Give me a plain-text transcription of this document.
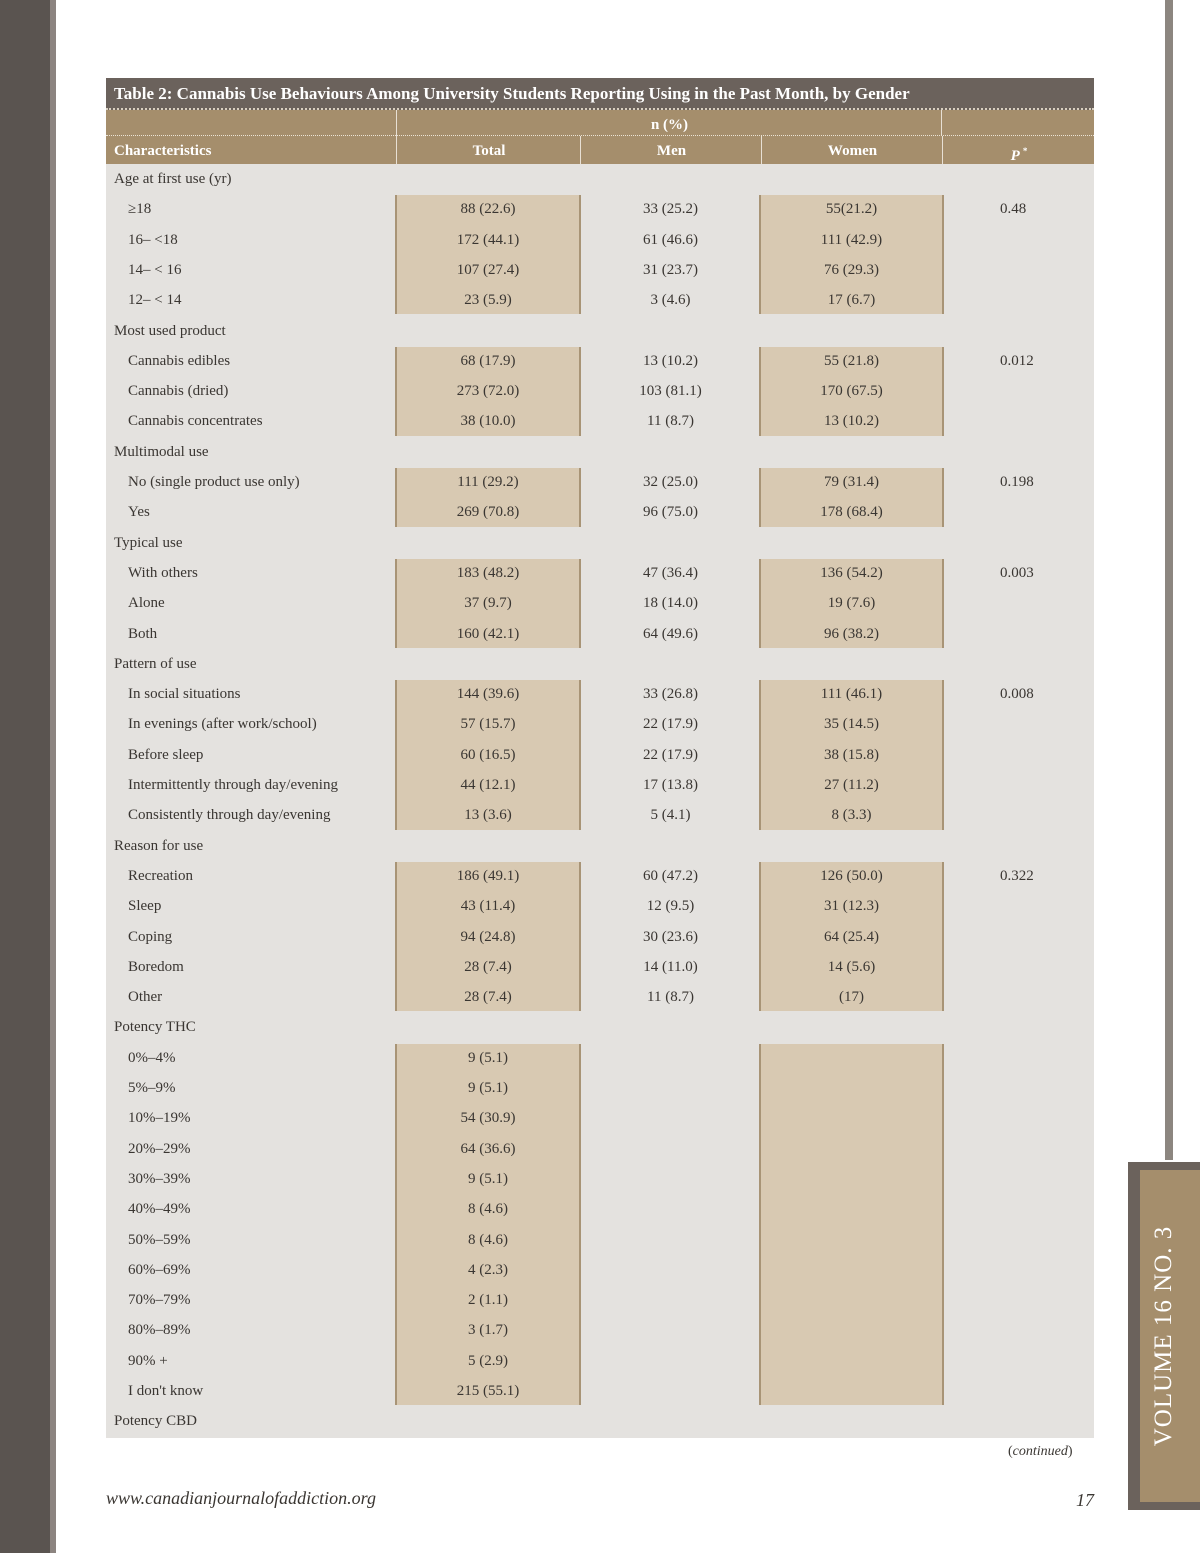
Table 2: Cannabis Use Behaviours Among University Students Reporting Using in the Past Month, by Gender
n (%)
Characteristics	Total	Men	Women	P *
Age at first use (yr)
≥18	88 (22.6)	33 (25.2)	55(21.2)	0.48
16– <18	172 (44.1)	61 (46.6)	111 (42.9)
14– < 16	107 (27.4)	31 (23.7)	76 (29.3)
12– < 14	23 (5.9)	3 (4.6)	17 (6.7)
Most used product
Cannabis edibles	68 (17.9)	13 (10.2)	55 (21.8)	0.012
Cannabis (dried)	273 (72.0)	103 (81.1)	170 (67.5)
Cannabis concentrates	38 (10.0)	11 (8.7)	13 (10.2)
Multimodal use
No (single product use only)	111 (29.2)	32 (25.0)	79 (31.4)	0.198
Yes	269 (70.8)	96 (75.0)	178 (68.4)
Typical use
With others	183 (48.2)	47 (36.4)	136 (54.2)	0.003
Alone	37 (9.7)	18 (14.0)	19 (7.6)
Both	160 (42.1)	64 (49.6)	96 (38.2)
Pattern of use
In social situations	144 (39.6)	33 (26.8)	111 (46.1)	0.008
In evenings (after work/school)	57 (15.7)	22 (17.9)	35 (14.5)
Before sleep	60 (16.5)	22 (17.9)	38 (15.8)
Intermittently through day/evening	44 (12.1)	17 (13.8)	27 (11.2)
Consistently through day/evening	13 (3.6)	5 (4.1)	8 (3.3)
Reason for use
Recreation	186 (49.1)	60 (47.2)	126 (50.0)	0.322
Sleep	43 (11.4)	12 (9.5)	31 (12.3)
Coping	94 (24.8)	30 (23.6)	64 (25.4)
Boredom	28 (7.4)	14 (11.0)	14 (5.6)
Other	28 (7.4)	11 (8.7)	(17)
Potency THC
0%–4%	9 (5.1)
5%–9%	9 (5.1)
10%–19%	54 (30.9)
20%–29%	64 (36.6)
30%–39%	9 (5.1)
40%–49%	8 (4.6)
50%–59%	8 (4.6)
60%–69%	4 (2.3)
70%–79%	2 (1.1)
80%–89%	3 (1.7)
90% +	5 (2.9)
I don't know	215 (55.1)
Potency CBD
(continued)
www.canadianjournalofaddiction.org	17
VOLUME 16 NO. 3
